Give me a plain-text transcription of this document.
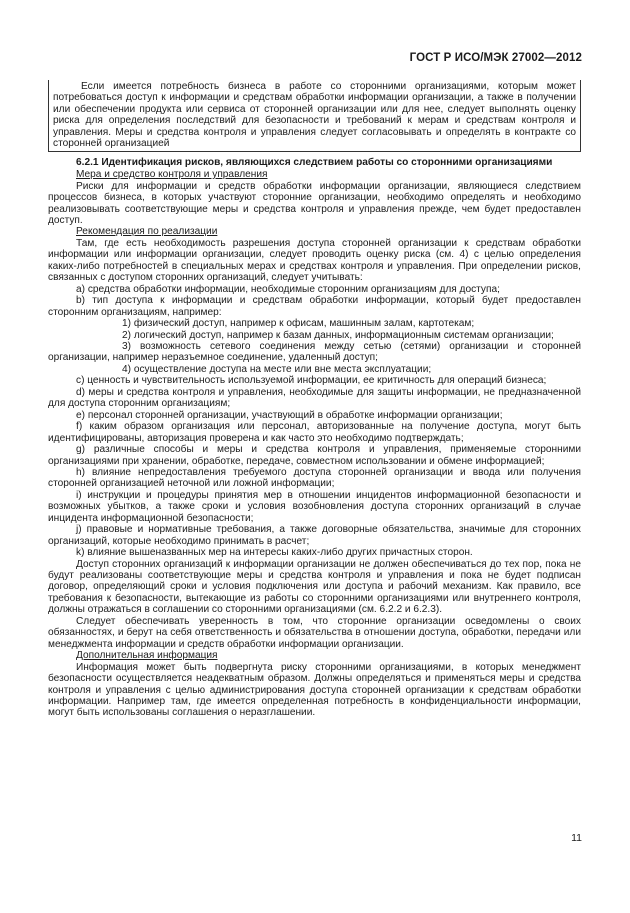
ГОСТ Р ИСО/МЭК 27002—2012

Если имеется потребность бизнеса в работе со сторонними организациями, которым может потребоваться доступ к информации и средствам обработки информации организации, а также в получении или обеспечении продукта или сервиса от сторонней организации или для нее, следует выполнять оценку риска для определения последствий для безопасности и требований к мерам и средствам контроля и управления. Меры и средства контроля и управления следует согласовывать и определять в контракте со сторонней организацией

6.2.1 Идентификация рисков, являющихся следствием работы со сторонними организациями

Мера и средство контроля и управления

Риски для информации и средств обработки информации организации, являющиеся следствием процессов бизнеса, в которых участвуют сторонние организации, необходимо определять и необходимо реализовывать соответствующие меры и средства контроля и управления прежде, чем будет предоставлен доступ.

Рекомендация по реализации

Там, где есть необходимость разрешения доступа сторонней организации к средствам обработки информации или информации организации, следует проводить оценку риска (см. 4) с целью определения каких-либо потребностей в специальных мерах и средствах контроля и управления. При определении рисков, связанных с доступом сторонних организаций, следует учитывать:

a) средства обработки информации, необходимые сторонним организациям для доступа;

b) тип доступа к информации и средствам обработки информации, который будет предоставлен сторонним организациям, например:

1) физический доступ, например к офисам, машинным залам, картотекам;

2) логический доступ, например к базам данных, информационным системам организации;

3) возможность сетевого соединения между сетью (сетями) организации и сторонней организации, например неразъемное соединение, удаленный доступ;

4) осуществление доступа на месте или вне места эксплуатации;

c) ценность и чувствительность используемой информации, ее критичность для операций бизнеса;

d) меры и средства контроля и управления, необходимые для защиты информации, не предназначенной для доступа сторонним организациям;

e) персонал сторонней организации, участвующий в обработке информации организации;

f) каким образом организация или персонал, авторизованные на получение доступа, могут быть идентифицированы, авторизация проверена и как часто это необходимо подтверждать;

g) различные способы и меры и средства контроля и управления, применяемые сторонними организациями при хранении, обработке, передаче, совместном использовании и обмене информацией;

h) влияние непредоставления требуемого доступа сторонней организации и ввода или получения сторонней организацией неточной или ложной информации;

i) инструкции и процедуры принятия мер в отношении инцидентов информационной безопасности и возможных убытков, а также сроки и условия возобновления доступа сторонних организаций в случае инцидента информационной безопасности;

j) правовые и нормативные требования, а также договорные обязательства, значимые для сторонних организаций, которые необходимо принимать в расчет;

k) влияние вышеназванных мер на интересы каких-либо других причастных сторон.

Доступ сторонних организаций к информации организации не должен обеспечиваться до тех пор, пока не будут реализованы соответствующие меры и средства контроля и управления и пока не будет подписан договор, определяющий сроки и условия подключения или доступа и рабочий механизм. Как правило, все требования к безопасности, вытекающие из работы со сторонними организациями или внутреннего контроля, должны отражаться в соглашении со сторонними организациями (см. 6.2.2 и 6.2.3).

Следует обеспечивать уверенность в том, что сторонние организации осведомлены о своих обязанностях, и берут на себя ответственность и обязательства в отношении доступа, обработки, передачи или менеджмента информации и средств обработки информации организации.

Дополнительная информация

Информация может быть подвергнута риску сторонними организациями, в которых менеджмент безопасности осуществляется неадекватным образом. Должны определяться и применяться меры и средства контроля и управления с целью администрирования доступа сторонней организации к средствам обработки информации. Например там, где имеется определенная потребность в конфиденциальности информации, могут быть использованы соглашения о неразглашении.

11
